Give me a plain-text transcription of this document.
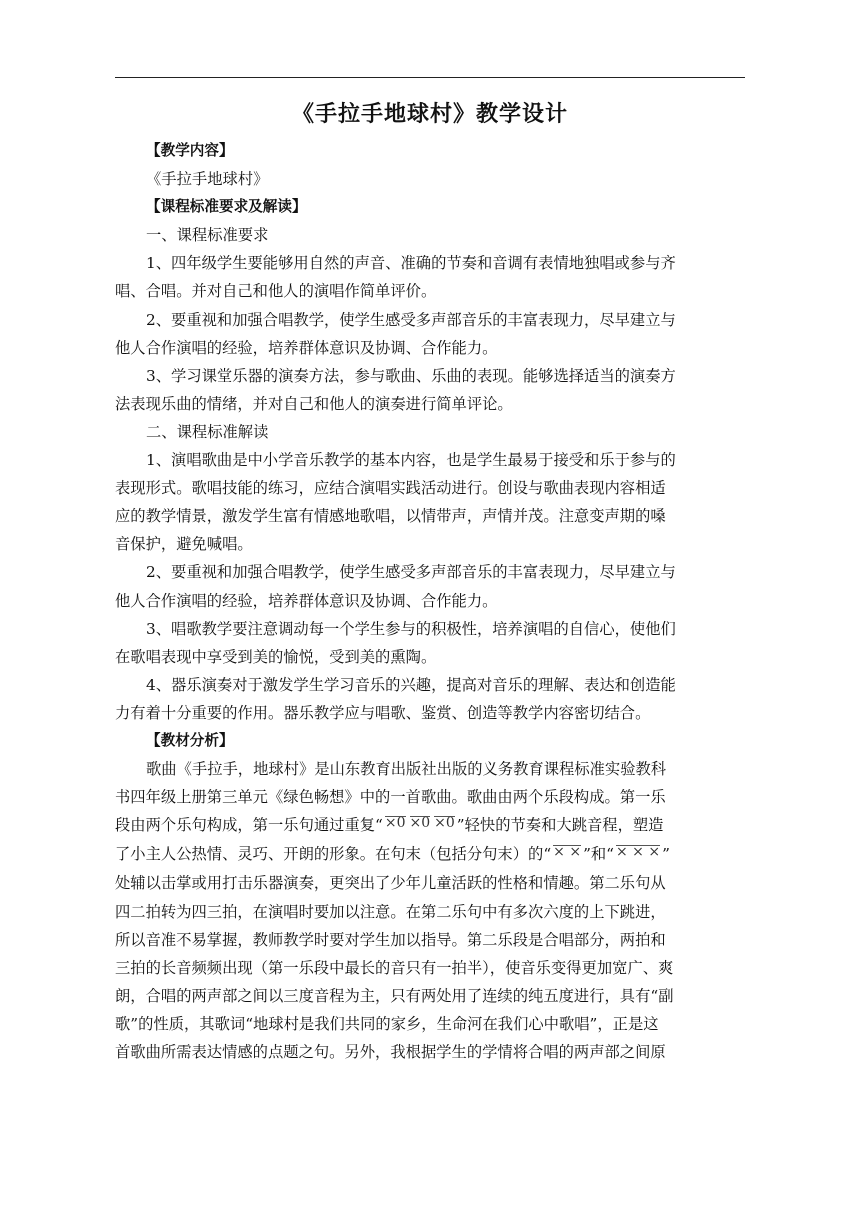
《手拉手地球村》教学设计

【教学内容】

《手拉手地球村》

【课程标准要求及解读】

一、课程标准要求

1、四年级学生要能够用自然的声音、准确的节奏和音调有表情地独唱或参与齐

唱、合唱。并对自己和他人的演唱作简单评价。

2、要重视和加强合唱教学，使学生感受多声部音乐的丰富表现力，尽早建立与

他人合作演唱的经验，培养群体意识及协调、合作能力。

3、学习课堂乐器的演奏方法，参与歌曲、乐曲的表现。能够选择适当的演奏方

法表现乐曲的情绪，并对自己和他人的演奏进行简单评论。

二、课程标准解读

1、演唱歌曲是中小学音乐教学的基本内容，也是学生最易于接受和乐于参与的

表现形式。歌唱技能的练习，应结合演唱实践活动进行。创设与歌曲表现内容相适

应的教学情景，激发学生富有情感地歌唱，以情带声，声情并茂。注意变声期的嗓

音保护，避免喊唱。

2、要重视和加强合唱教学，使学生感受多声部音乐的丰富表现力，尽早建立与

他人合作演唱的经验，培养群体意识及协调、合作能力。

3、唱歌教学要注意调动每一个学生参与的积极性，培养演唱的自信心，使他们

在歌唱表现中享受到美的愉悦，受到美的熏陶。

4、器乐演奏对于激发学生学习音乐的兴趣，提高对音乐的理解、表达和创造能

力有着十分重要的作用。器乐教学应与唱歌、鉴赏、创造等教学内容密切结合。

【教材分析】

歌曲《手拉手，地球村》是山东教育出版社出版的义务教育课程标准实验教科

书四年级上册第三单元《绿色畅想》中的一首歌曲。歌曲由两个乐段构成。第一乐

段由两个乐句构成，第一乐句通过重复“ ×0 ×0 ×0 ”轻快的节奏和大跳音程，塑造

了小主人公热情、灵巧、开朗的形象。在句末（包括分句末）的“ × × ”和“ × × × ”

处辅以击掌或用打击乐器演奏，更突出了少年儿童活跃的性格和情趣。第二乐句从

四二拍转为四三拍，在演唱时要加以注意。在第二乐句中有多次六度的上下跳进，

所以音准不易掌握，教师教学时要对学生加以指导。第二乐段是合唱部分，两拍和

三拍的长音频频出现（第一乐段中最长的音只有一拍半），使音乐变得更加宽广、爽

朗，合唱的两声部之间以三度音程为主，只有两处用了连续的纯五度进行，具有“副

歌”的性质，其歌词“地球村是我们共同的家乡，生命河在我们心中歌唱”，正是这

首歌曲所需表达情感的点题之句。另外，我根据学生的学情将合唱的两声部之间原
